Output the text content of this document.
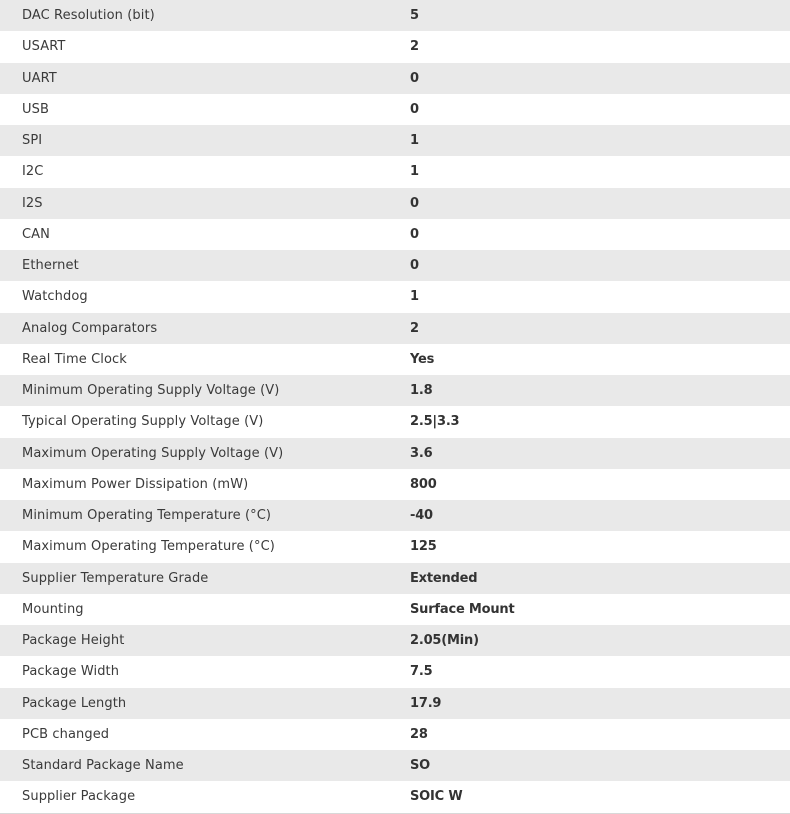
DAC Resolution (bit)	5
USART	2
UART	0
USB	0
SPI	1
I2C	1
I2S	0
CAN	0
Ethernet	0
Watchdog	1
Analog Comparators	2
Real Time Clock	Yes
Minimum Operating Supply Voltage (V)	1.8
Typical Operating Supply Voltage (V)	2.5|3.3
Maximum Operating Supply Voltage (V)	3.6
Maximum Power Dissipation (mW)	800
Minimum Operating Temperature (°C)	-40
Maximum Operating Temperature (°C)	125
Supplier Temperature Grade	Extended
Mounting	Surface Mount
Package Height	2.05(Min)
Package Width	7.5
Package Length	17.9
PCB changed	28
Standard Package Name	SO
Supplier Package	SOIC W
